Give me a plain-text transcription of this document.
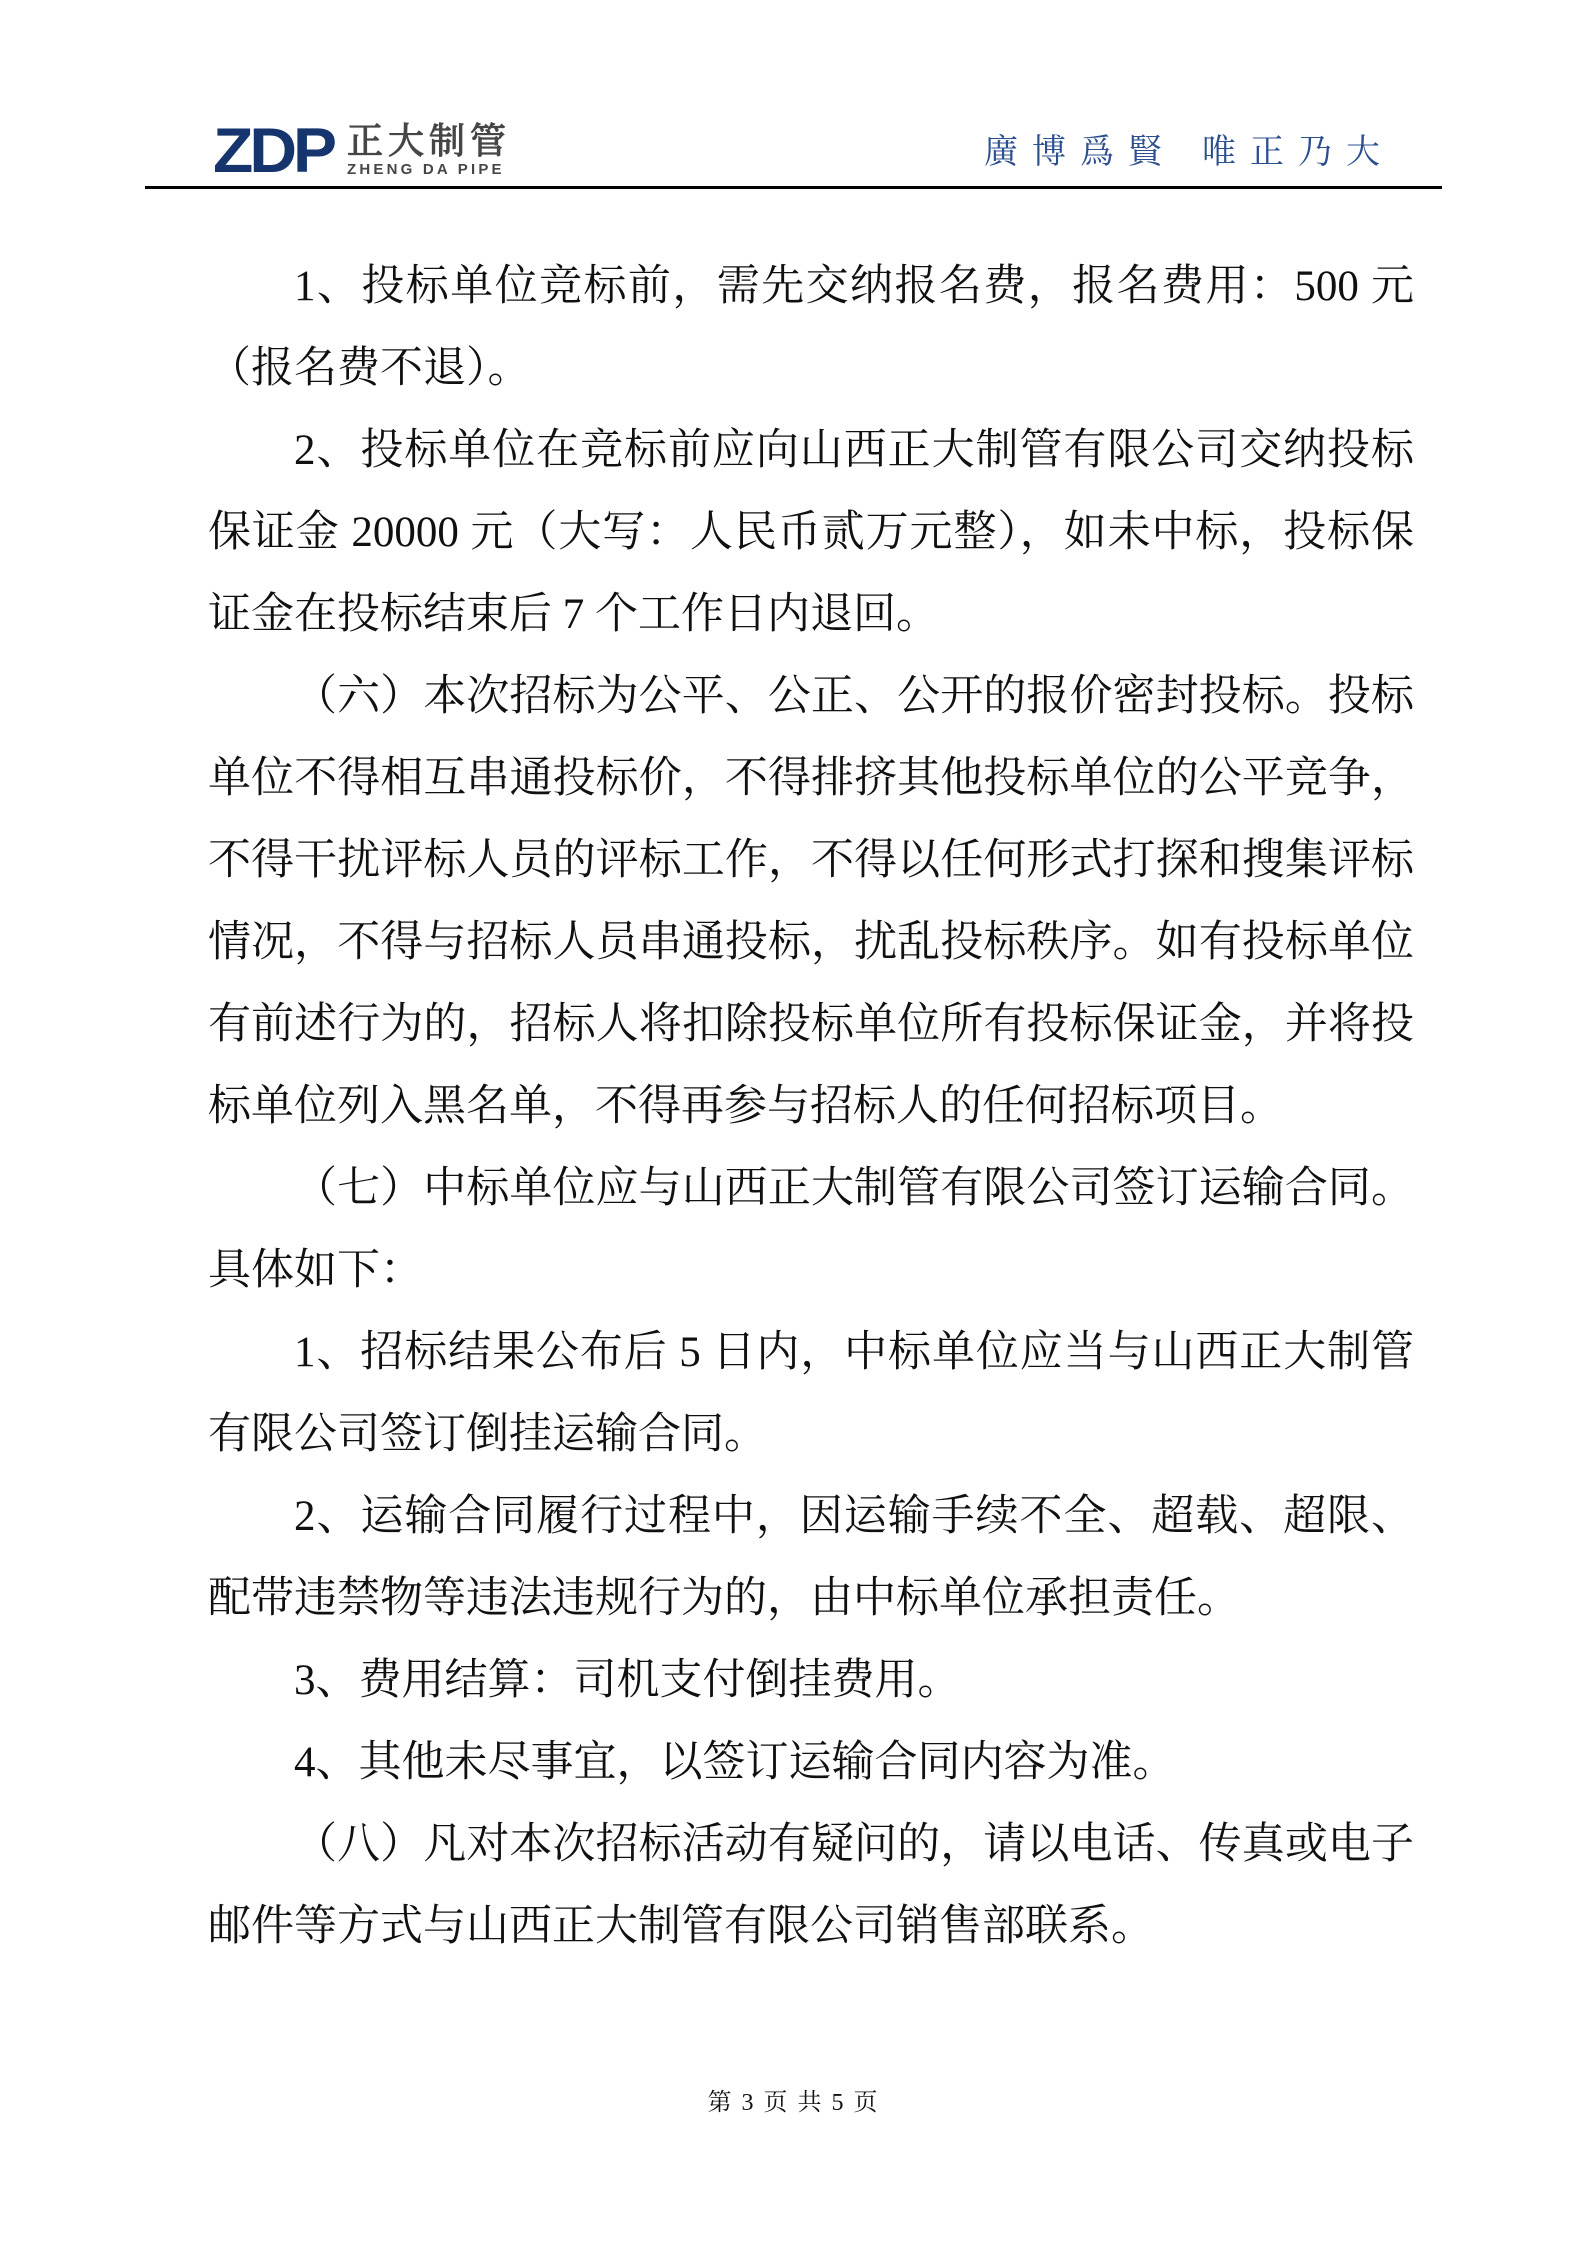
ZDP 正大制管
ZHENG DA PIPE	廣博爲賢 唯正乃大

1、投标单位竞标前，需先交纳报名费，报名费用：500 元（报名费不退）。

2、投标单位在竞标前应向山西正大制管有限公司交纳投标保证金 20000 元（大写：人民币贰万元整），如未中标，投标保证金在投标结束后 7 个工作日内退回。

（六）本次招标为公平、公正、公开的报价密封投标。投标单位不得相互串通投标价，不得排挤其他投标单位的公平竞争，不得干扰评标人员的评标工作，不得以任何形式打探和搜集评标情况，不得与招标人员串通投标，扰乱投标秩序。如有投标单位有前述行为的，招标人将扣除投标单位所有投标保证金，并将投标单位列入黑名单，不得再参与招标人的任何招标项目。

（七）中标单位应与山西正大制管有限公司签订运输合同。具体如下：

1、招标结果公布后 5 日内，中标单位应当与山西正大制管有限公司签订倒挂运输合同。

2、运输合同履行过程中，因运输手续不全、超载、超限、配带违禁物等违法违规行为的，由中标单位承担责任。

3、费用结算：司机支付倒挂费用。

4、其他未尽事宜，以签订运输合同内容为准。

（八）凡对本次招标活动有疑问的，请以电话、传真或电子邮件等方式与山西正大制管有限公司销售部联系。

第 3 页 共 5 页
